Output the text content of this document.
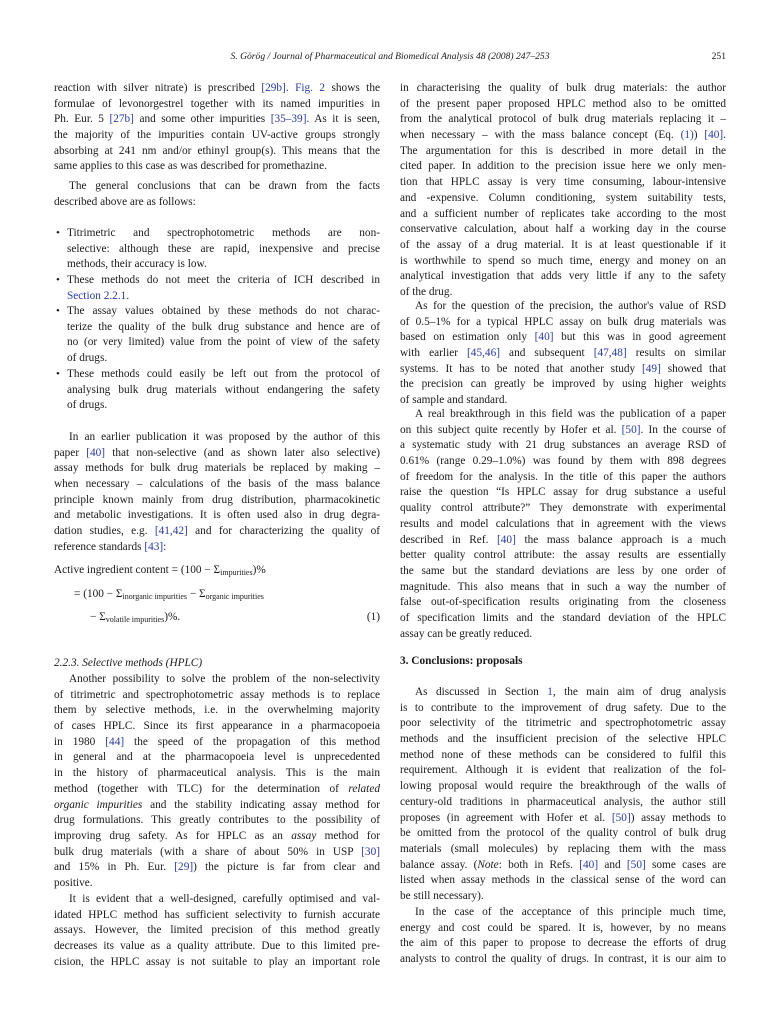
S. Görög / Journal of Pharmaceutical and Biomedical Analysis 48 (2008) 247–253	251
reaction with silver nitrate) is prescribed [29b]. Fig. 2 shows the
formulae of levonorgestrel together with its named impurities in
Ph. Eur. 5 [27b] and some other impurities [35–39]. As it is seen,
the majority of the impurities contain UV-active groups strongly
absorbing at 241 nm and/or ethinyl group(s). This means that the
same applies to this case as was described for promethazine.
The general conclusions that can be drawn from the facts
described above are as follows:
• Titrimetric and spectrophotometric methods are non-
selective: although these are rapid, inexpensive and precise
methods, their accuracy is low.
• These methods do not meet the criteria of ICH described in
Section 2.2.1.
• The assay values obtained by these methods do not charac-
terize the quality of the bulk drug substance and hence are of
no (or very limited) value from the point of view of the safety
of drugs.
• These methods could easily be left out from the protocol of
analysing bulk drug materials without endangering the safety
of drugs.
In an earlier publication it was proposed by the author of this
paper [40] that non-selective (and as shown later also selective)
assay methods for bulk drug materials be replaced by making –
when necessary – calculations of the basis of the mass balance
principle known mainly from drug distribution, pharmacokinetic
and metabolic investigations. It is often used also in drug degra-
dation studies, e.g. [41,42] and for characterizing the quality of
reference standards [43]:
Active ingredient content = $(100 - \Sigma_{impurities})\%$
= ($100 - \Sigma_{inorganic impurities} - \Sigma_{organic impurities}$
− $\Sigma_{volatile impurities})\%$.	(1)
2.2.3. Selective methods (HPLC)
Another possibility to solve the problem of the non-selectivity
of titrimetric and spectrophotometric assay methods is to replace
them by selective methods, i.e. in the overwhelming majority
of cases HPLC. Since its first appearance in a pharmacopoeia
in 1980 [44] the speed of the propagation of this method
in general and at the pharmacopoeia level is unprecedented
in the history of pharmaceutical analysis. This is the main
method (together with TLC) for the determination of related
organic impurities and the stability indicating assay method for
drug formulations. This greatly contributes to the possibility of
improving drug safety. As for HPLC as an assay method for
bulk drug materials (with a share of about 50% in USP [30]
and 15% in Ph. Eur. [29]) the picture is far from clear and
positive.
It is evident that a well-designed, carefully optimised and val-
idated HPLC method has sufficient selectivity to furnish accurate
assays. However, the limited precision of this method greatly
decreases its value as a quality attribute. Due to this limited pre-
cision, the HPLC assay is not suitable to play an important role
in characterising the quality of bulk drug materials: the author
of the present paper proposed HPLC method also to be omitted
from the analytical protocol of bulk drug materials replacing it –
when necessary – with the mass balance concept (Eq. (1)) [40].
The argumentation for this is described in more detail in the
cited paper. In addition to the precision issue here we only men-
tion that HPLC assay is very time consuming, labour-intensive
and -expensive. Column conditioning, system suitability tests,
and a sufficient number of replicates take according to the most
conservative calculation, about half a working day in the course
of the assay of a drug material. It is at least questionable if it
is worthwhile to spend so much time, energy and money on an
analytical investigation that adds very little if any to the safety
of the drug.
As for the question of the precision, the author's value of RSD
of 0.5–1% for a typical HPLC assay on bulk drug materials was
based on estimation only [40] but this was in good agreement
with earlier [45,46] and subsequent [47,48] results on similar
systems. It has to be noted that another study [49] showed that
the precision can greatly be improved by using higher weights
of sample and standard.
A real breakthrough in this field was the publication of a paper
on this subject quite recently by Hofer et al. [50]. In the course of
a systematic study with 21 drug substances an average RSD of
0.61% (range 0.29–1.0%) was found by them with 898 degrees
of freedom for the analysis. In the title of this paper the authors
raise the question “Is HPLC assay for drug substance a useful
quality control attribute?” They demonstrate with experimental
results and model calculations that in agreement with the views
described in Ref. [40] the mass balance approach is a much
better quality control attribute: the assay results are essentially
the same but the standard deviations are less by one order of
magnitude. This also means that in such a way the number of
false out-of-specification results originating from the closeness
of specification limits and the standard deviation of the HPLC
assay can be greatly reduced.
3. Conclusions: proposals
As discussed in Section 1, the main aim of drug analysis
is to contribute to the improvement of drug safety. Due to the
poor selectivity of the titrimetric and spectrophotometric assay
methods and the insufficient precision of the selective HPLC
method none of these methods can be considered to fulfil this
requirement. Although it is evident that realization of the fol-
lowing proposal would require the breakthrough of the walls of
century-old traditions in pharmaceutical analysis, the author still
proposes (in agreement with Hofer et al. [50]) assay methods to
be omitted from the protocol of the quality control of bulk drug
materials (small molecules) by replacing them with the mass
balance assay. (Note: both in Refs. [40] and [50] some cases are
listed when assay methods in the classical sense of the word can
be still necessary).
In the case of the acceptance of this principle much time,
energy and cost could be spared. It is, however, by no means
the aim of this paper to propose to decrease the efforts of drug
analysts to control the quality of drugs. In contrast, it is our aim to
